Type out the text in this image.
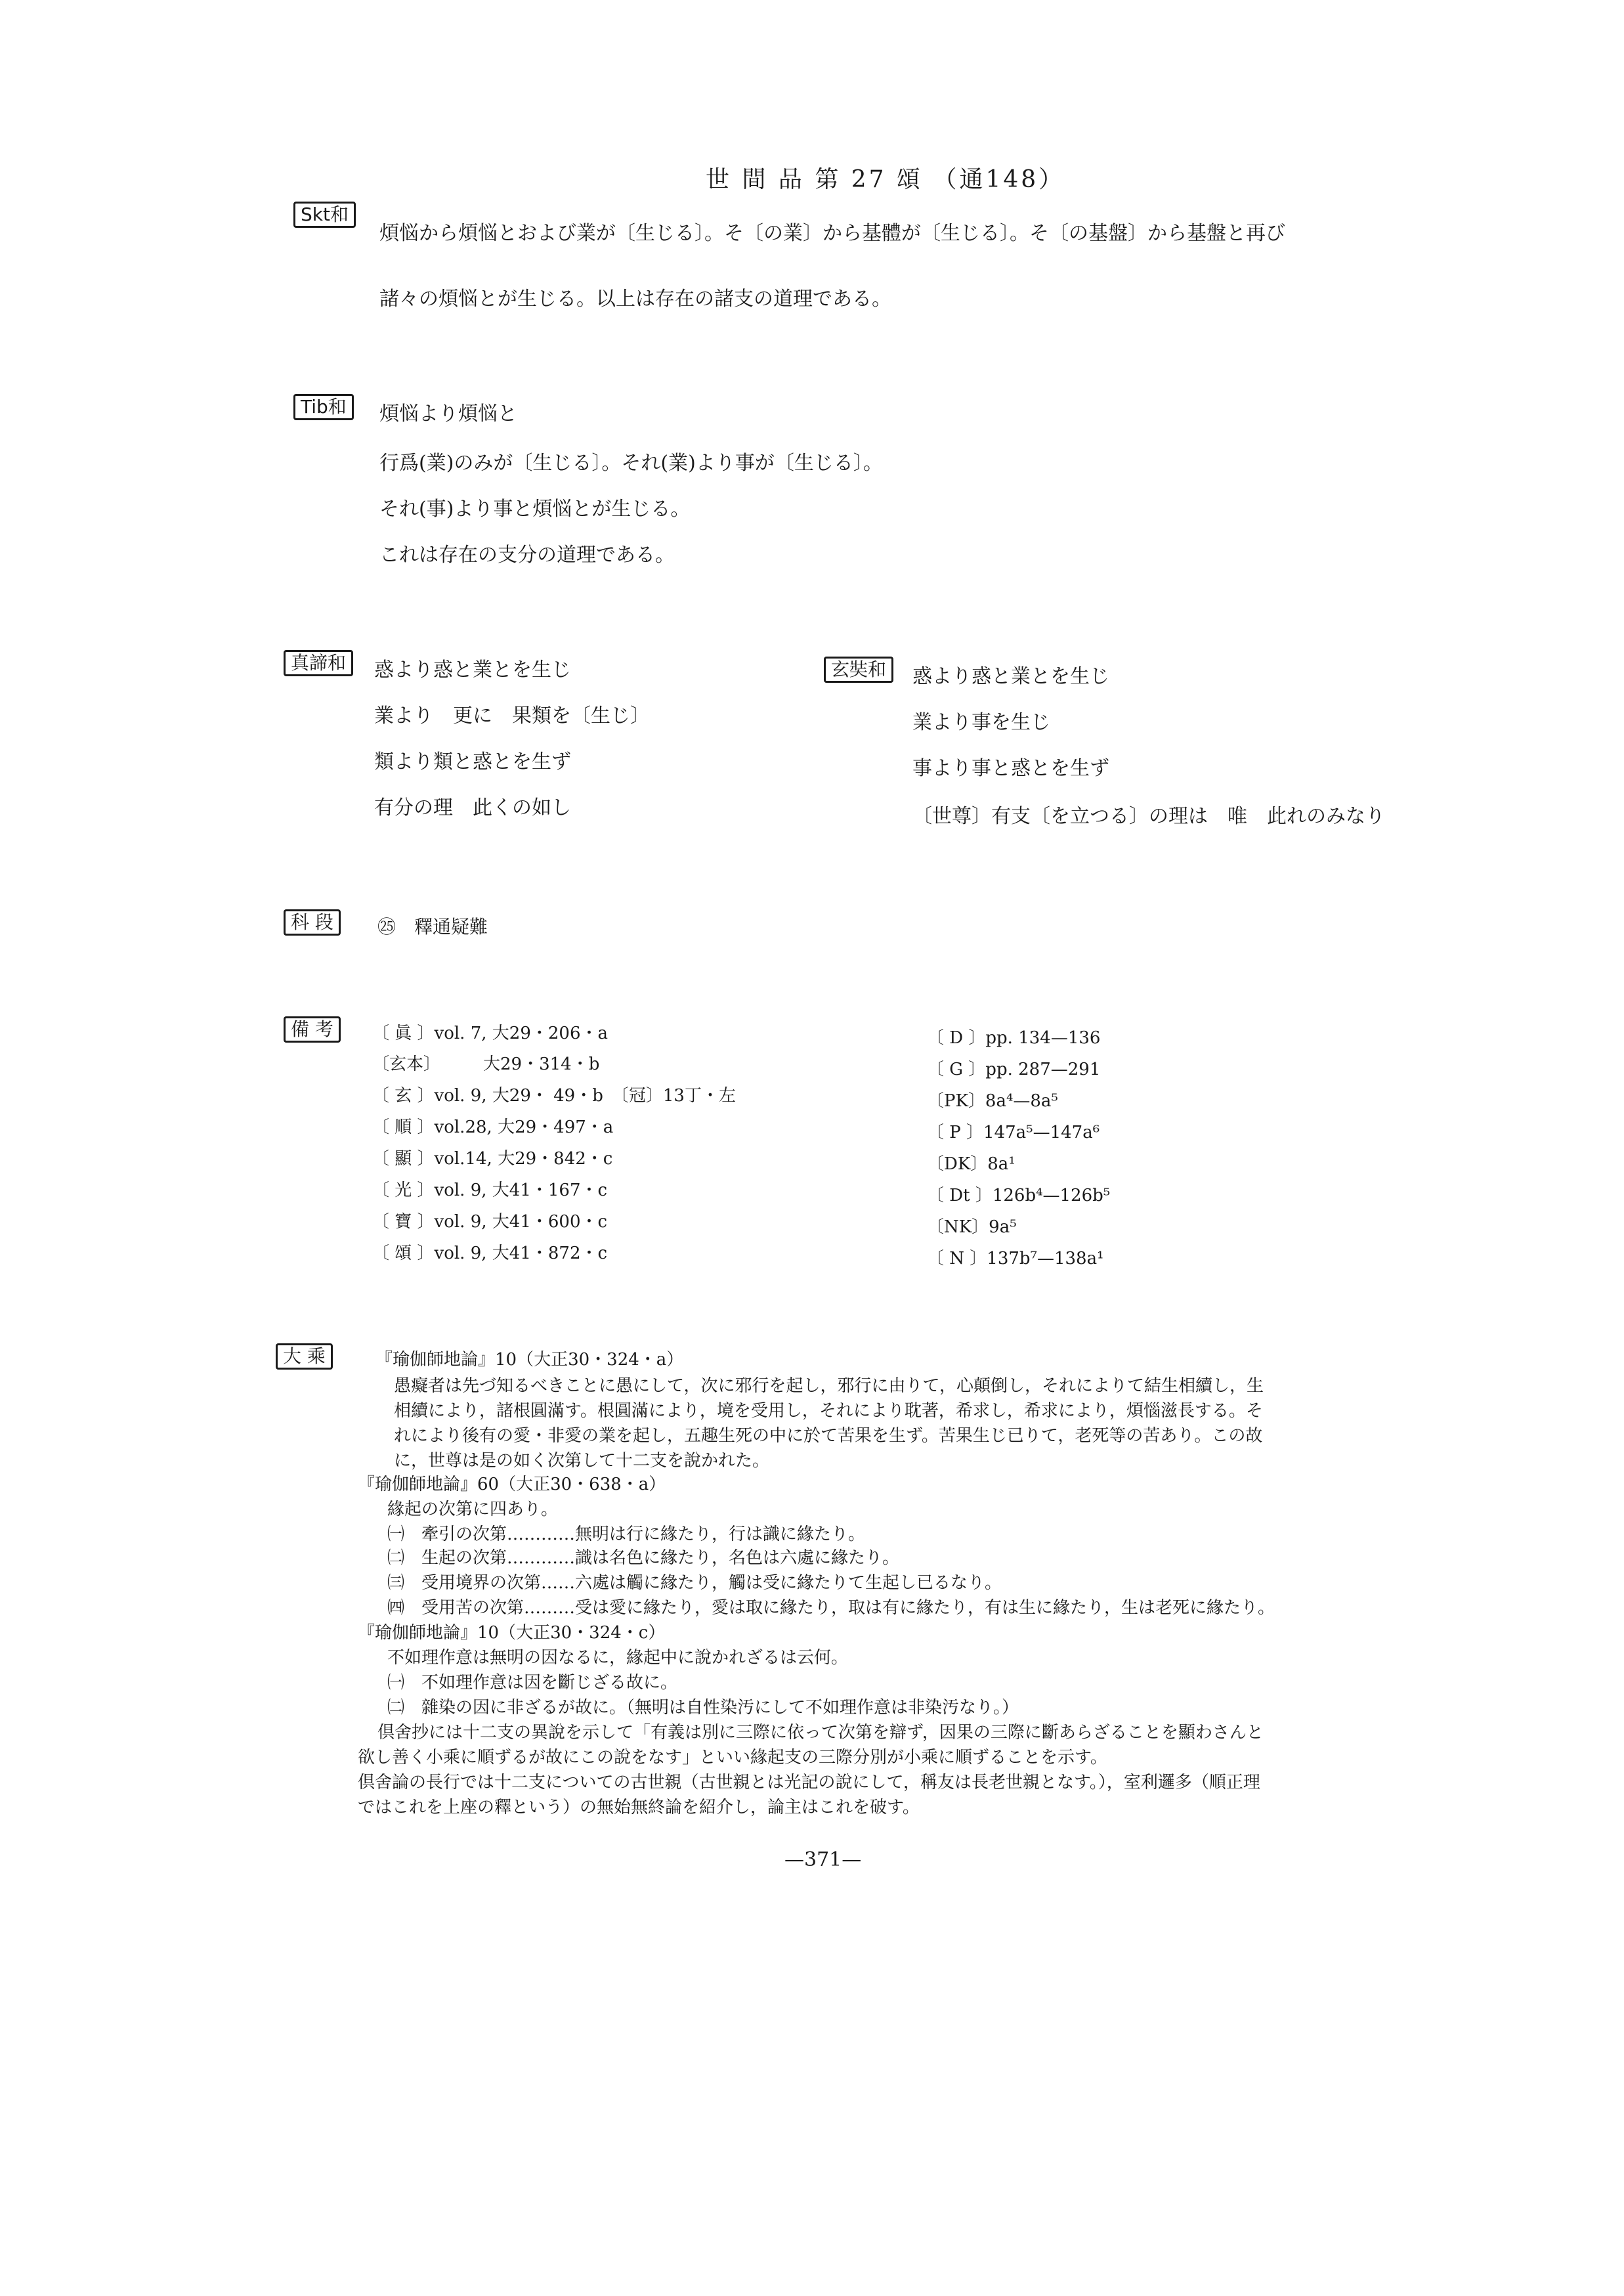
世 間 品 第 27 頌 （通148）
Skt和
煩悩から煩悩とおよび業が〔生じる〕。そ〔の業〕から基體が〔生じる〕。そ〔の基盤〕から基盤と再び
諸々の煩悩とが生じる。以上は存在の諸支の道理である。
Tib和	煩悩より煩悩と
行爲(業)のみが〔生じる〕。それ(業)より事が〔生じる〕。
それ(事)より事と煩悩とが生じる。
これは存在の支分の道理である。
真諦和	惑より惑と業とを生じ
業より　更に　果類を〔生じ〕
類より類と惑とを生ず
有分の理　此くの如し
玄奘和	惑より惑と業とを生じ
業より事を生じ
事より事と惑とを生ず
〔世尊〕有支〔を立つる〕の理は　唯　此れのみなり
科 段	㉕　釋通疑難
備 考	〔 眞 〕vol. 7, 大29・206・a
〔玄本〕　　　大29・314・b
〔 玄 〕vol. 9, 大29・ 49・b　〔冠〕13丁・左
〔 順 〕vol.28, 大29・497・a
〔 顯 〕vol.14, 大29・842・c
〔 光 〕vol. 9, 大41・167・c
〔 寶 〕vol. 9, 大41・600・c
〔 頌 〕vol. 9, 大41・872・c
〔 D 〕pp. 134—136
〔 G 〕pp. 287—291
〔PK〕8a⁴—8a⁵
〔 P 〕147a⁵—147a⁶
〔DK〕8a¹
〔 Dt 〕126b⁴—126b⁵
〔NK〕9a⁵
〔 N 〕137b⁷—138a¹
大 乘	『瑜伽師地論』10（大正30・324・a）
愚癡者は先づ知るべきことに愚にして，次に邪行を起し，邪行に由りて，心顛倒し，それによりて結生相續し，生
相續により，諸根圓滿す。根圓滿により，境を受用し，それにより耽著，希求し，希求により，煩惱滋長する。そ
れにより後有の愛・非愛の業を起し，五趣生死の中に於て苦果を生ず。苦果生じ已りて，老死等の苦あり。この故
に，世尊は是の如く次第して十二支を說かれた。
『瑜伽師地論』60（大正30・638・a）
緣起の次第に四あり。
㈠　牽引の次第…………無明は行に緣たり，行は識に緣たり。
㈡　生起の次第…………識は名色に緣たり，名色は六處に緣たり。
㈢　受用境界の次第……六處は觸に緣たり，觸は受に緣たりて生起し已るなり。
㈣　受用苦の次第………受は愛に緣たり，愛は取に緣たり，取は有に緣たり，有は生に緣たり，生は老死に緣たり。
『瑜伽師地論』10（大正30・324・c）
不如理作意は無明の因なるに，緣起中に說かれざるは云何。
㈠　不如理作意は因を斷じざる故に。
㈡　雜染の因に非ざるが故に。（無明は自性染汚にして不如理作意は非染汚なり。）
倶舍抄には十二支の異說を示して「有義は別に三際に依って次第を辯ず，因果の三際に斷あらざることを顯わさんと
欲し善く小乘に順ずるが故にこの說をなす」といい緣起支の三際分別が小乘に順ずることを示す。
倶舍論の長行では十二支についての古世親（古世親とは光記の說にして，稱友は長老世親となす。），室利邏多（順正理
ではこれを上座の釋という）の無始無終論を紹介し，論主はこれを破す。
—371—
